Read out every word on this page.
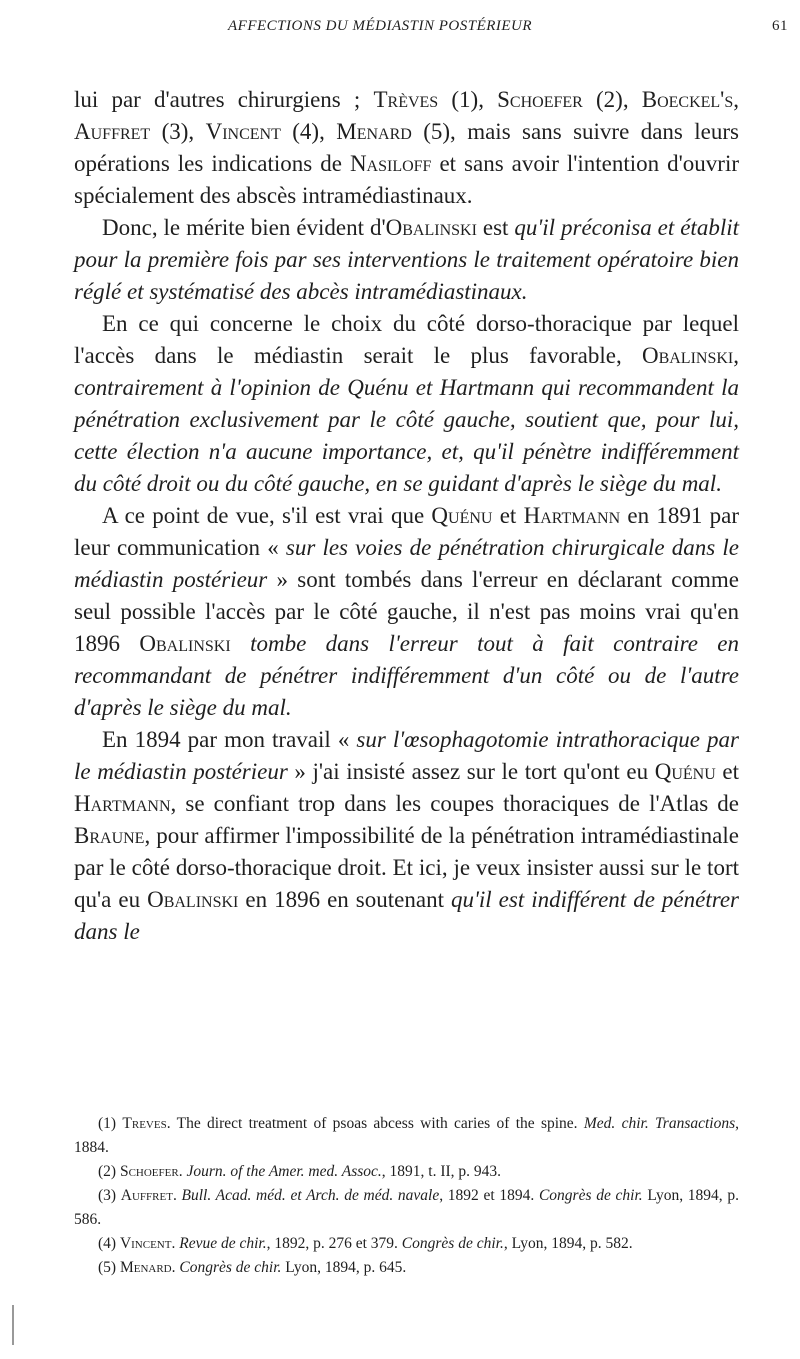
AFFECTIONS DU MÉDIASTIN POSTÉRIEUR	61

lui par d'autres chirurgiens ; Trèves (1), Schoefer (2), Boeckel's, Auffret (3), Vincent (4), Menard (5), mais sans suivre dans leurs opérations les indications de Nasiloff et sans avoir l'intention d'ouvrir spécialement des abscès intramédiastinaux.

Donc, le mérite bien évident d'Obalinski est qu'il préconisa et établit pour la première fois par ses interventions le traitement opératoire bien réglé et systématisé des abcès intramédiastinaux.

En ce qui concerne le choix du côté dorso-thoracique par lequel l'accès dans le médiastin serait le plus favorable, Obalinski, contrairement à l'opinion de Quénu et Hartmann qui recommandent la pénétration exclusivement par le côté gauche, soutient que, pour lui, cette élection n'a aucune importance, et, qu'il pénètre indifféremment du côté droit ou du côté gauche, en se guidant d'après le siège du mal.

A ce point de vue, s'il est vrai que Quénu et Hartmann en 1891 par leur communication « sur les voies de pénétration chirurgicale dans le médiastin postérieur » sont tombés dans l'erreur en déclarant comme seul possible l'accès par le côté gauche, il n'est pas moins vrai qu'en 1896 Obalinski tombe dans l'erreur tout à fait contraire en recommandant de pénétrer indifféremment d'un côté ou de l'autre d'après le siège du mal.

En 1894 par mon travail « sur l'œsophagotomie intrathoracique par le médiastin postérieur » j'ai insisté assez sur le tort qu'ont eu Quénu et Hartmann, se confiant trop dans les coupes thoraciques de l'Atlas de Braune, pour affirmer l'impossibilité de la pénétration intramédiastinale par le côté dorso-thoracique droit. Et ici, je veux insister aussi sur le tort qu'a eu Obalinski en 1896 en soutenant qu'il est indifférent de pénétrer dans le

(1) Treves. The direct treatment of psoas abcess with caries of the spine. Med. chir. Transactions, 1884.

(2) Schoefer. Journ. of the Amer. med. Assoc., 1891, t. II, p. 943.

(3) Auffret. Bull. Acad. méd. et Arch. de méd. navale, 1892 et 1894. Congrès de chir. Lyon, 1894, p. 586.

(4) Vincent. Revue de chir., 1892, p. 276 et 379. Congrès de chir., Lyon, 1894, p. 582.

(5) Menard. Congrès de chir. Lyon, 1894, p. 645.
